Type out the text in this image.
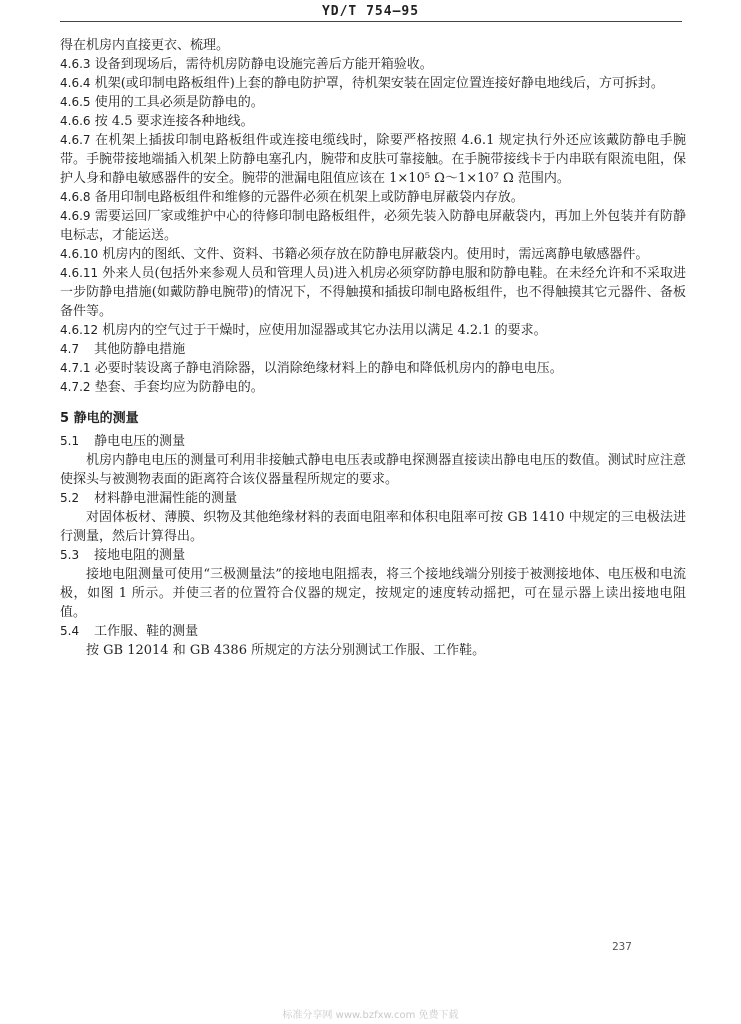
YD/T 754—95

得在机房内直接更衣、梳理。

4.6.3 设备到现场后，需待机房防静电设施完善后方能开箱验收。

4.6.4 机架(或印制电路板组件)上套的静电防护罩，待机架安装在固定位置连接好静电地线后，方可拆封。

4.6.5 使用的工具必须是防静电的。

4.6.6 按 4.5 要求连接各种地线。

4.6.7 在机架上插拔印制电路板组件或连接电缆线时，除要严格按照 4.6.1 规定执行外还应该戴防静电手腕带。手腕带接地端插入机架上防静电塞孔内，腕带和皮肤可靠接触。在手腕带接线卡于内串联有限流电阻，保护人身和静电敏感器件的安全。腕带的泄漏电阻值应该在 1×10⁵ Ω～1×10⁷ Ω 范围内。

4.6.8 备用印制电路板组件和维修的元器件必须在机架上或防静电屏蔽袋内存放。

4.6.9 需要运回厂家或维护中心的待修印制电路板组件，必须先装入防静电屏蔽袋内，再加上外包装并有防静电标志，才能运送。

4.6.10 机房内的图纸、文件、资料、书籍必须存放在防静电屏蔽袋内。使用时，需远离静电敏感器件。

4.6.11 外来人员(包括外来参观人员和管理人员)进入机房必须穿防静电服和防静电鞋。在未经允许和不采取进一步防静电措施(如戴防静电腕带)的情况下，不得触摸和插拔印制电路板组件，也不得触摸其它元器件、备板备件等。

4.6.12 机房内的空气过于干燥时，应使用加湿器或其它办法用以满足 4.2.1 的要求。

4.7 其他防静电措施

4.7.1 必要时装设离子静电消除器，以消除绝缘材料上的静电和降低机房内的静电电压。

4.7.2 垫套、手套均应为防静电的。

5 静电的测量

5.1 静电电压的测量

机房内静电电压的测量可利用非接触式静电电压表或静电探测器直接读出静电电压的数值。测试时应注意使探头与被测物表面的距离符合该仪器量程所规定的要求。

5.2 材料静电泄漏性能的测量

对固体板材、薄膜、织物及其他绝缘材料的表面电阻率和体积电阻率可按 GB 1410 中规定的三电极法进行测量，然后计算得出。

5.3 接地电阻的测量

接地电阻测量可使用“三极测量法”的接地电阻摇表，将三个接地线端分别接于被测接地体、电压极和电流极，如图 1 所示。并使三者的位置符合仪器的规定，按规定的速度转动摇把，可在显示器上读出接地电阻值。

5.4 工作服、鞋的测量

按 GB 12014 和 GB 4386 所规定的方法分别测试工作服、工作鞋。

237
标准分享网 www.bzfxw.com 免费下载
